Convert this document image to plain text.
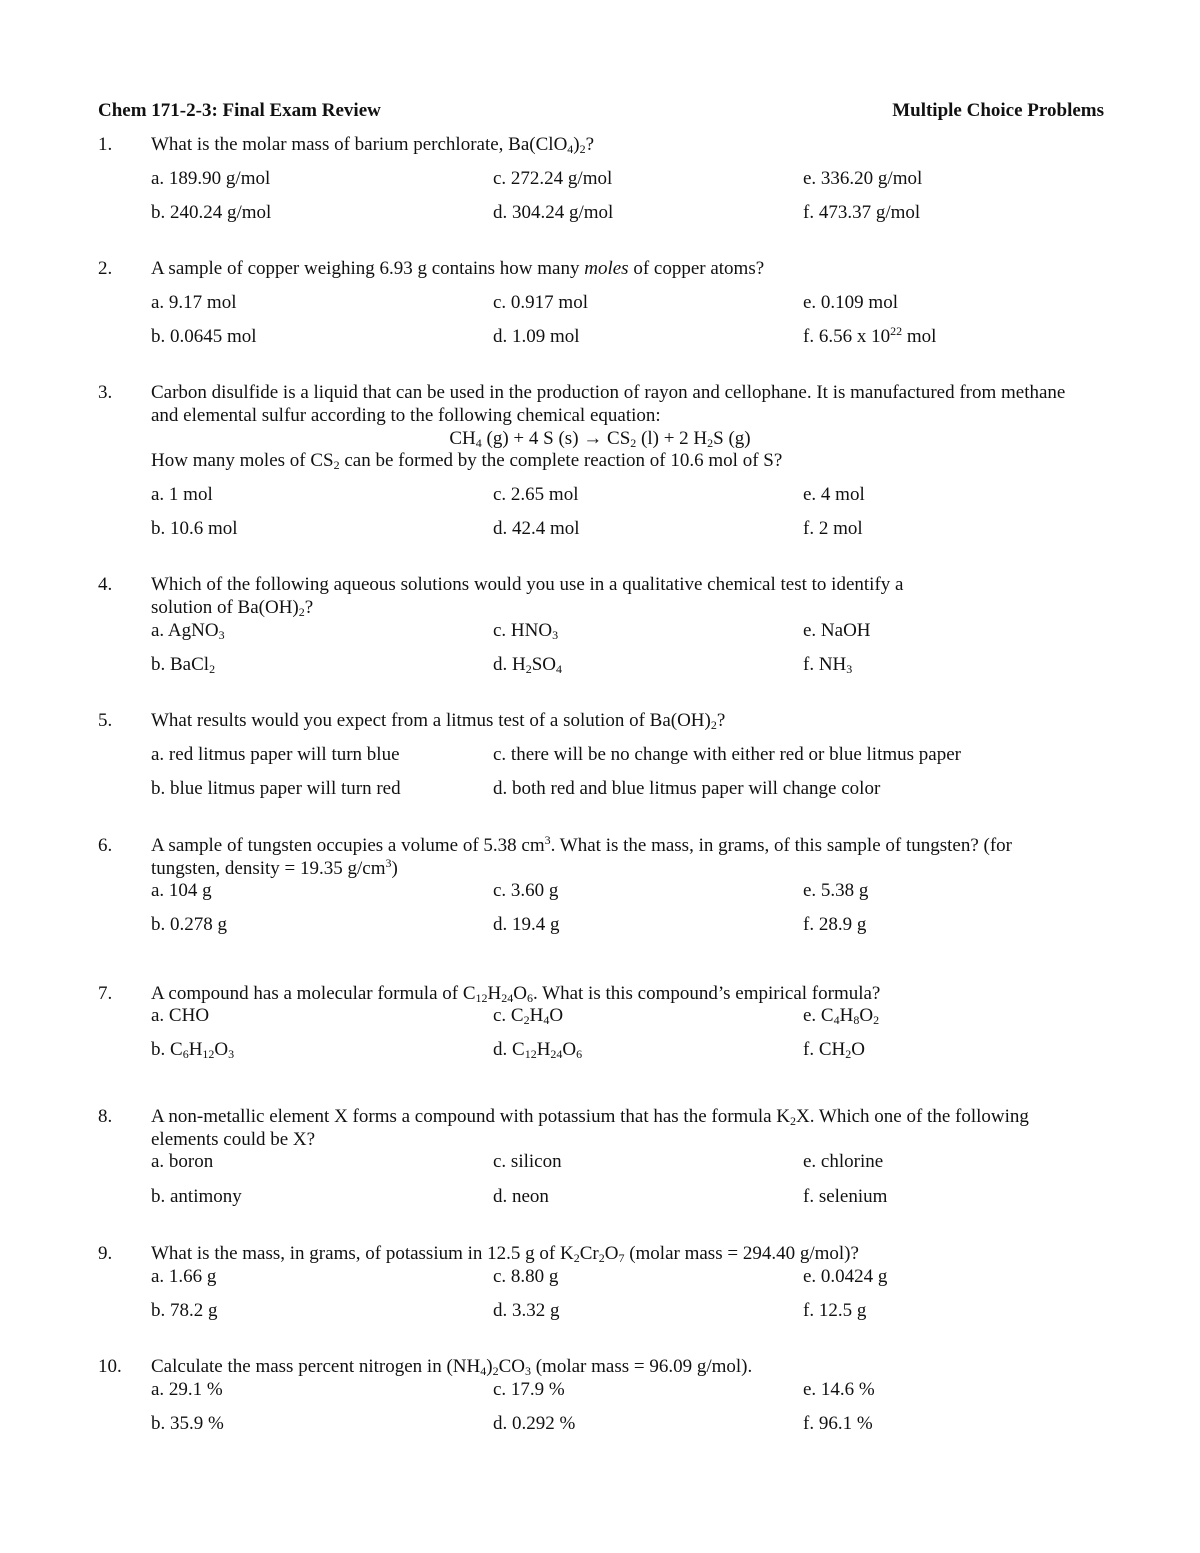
Chem 171-2-3: Final Exam Review	Multiple Choice Problems
1. What is the molar mass of barium perchlorate, $Ba(ClO_4)_2$?
a. 189.90 g/mol	c. 272.24 g/mol	e. 336.20 g/mol
b. 240.24 g/mol	d. 304.24 g/mol	f. 473.37 g/mol
2. A sample of copper weighing 6.93 g contains how many moles of copper atoms?
a. 9.17 mol	c. 0.917 mol	e. 0.109 mol
b. 0.0645 mol	d. 1.09 mol	f. 6.56 x $10^{22}$ mol
3. Carbon disulfide is a liquid that can be used in the production of rayon and cellophane. It is manufactured from methane
and elemental sulfur according to the following chemical equation:
$CH_4$ (g) + 4 S $(s) \to CS_2$ (l) + 2 $H_2S$ (g)
How many moles of $CS_2$ can be formed by the complete reaction of 10.6 mol of S?
a. 1 mol	c. 2.65 mol	e. 4 mol
b. 10.6 mol	d. 42.4 mol	f. 2 mol
4. Which of the following aqueous solutions would you use in a qualitative chemical test to identify a
solution of $Ba(OH)_2$?
a. AgNO$_3$	c. $HNO_3$	e. NaOH
b. BaCl$_2$	d. $H_2SO_4$	f. $NH_3$
5. What results would you expect from a litmus test of a solution of $Ba(OH)_2$?
a. red litmus paper will turn blue	c. there will be no change with either red or blue litmus paper
b. blue litmus paper will turn red	d. both red and blue litmus paper will change color
6. A sample of tungsten occupies a volume of 5.38 $cm^3$. What is the mass, in grams, of this sample of tungsten? (for
tungsten, density = 19.35 $g/cm^3$)
a. 104 g	c. 3.60 g	e. 5.38 g
b. 0.278 g	d. 19.4 g	f. 28.9 g
7. A compound has a molecular formula of $C_{12}H_{24}O_6$. What is this compound’s empirical formula?
a. CHO	c. $C_2H_4O$	e. $C_4H_8O_2$
b. $C_6H_{12}O_3$	d. $C_{12}H_{24}O_6$	f. $CH_2O$
8. A non-metallic element X forms a compound with potassium that has the formula $K_2X$. Which one of the following
elements could be X?
a. boron	c. silicon	e. chlorine
b. antimony	d. neon	f. selenium
9. What is the mass, in grams, of potassium in 12.5 g of $K_2Cr_2O_7$ (molar mass = 294.40 g/mol)?
a. 1.66 g	c. 8.80 g	e. 0.0424 g
b. 78.2 g	d. 3.32 g	f. 12.5 g
10. Calculate the mass percent nitrogen in $(NH_4)_2CO_3$ (molar mass = 96.09 g/mol).
a. 29.1 %	c. 17.9 %	e. 14.6 %
b. 35.9 %	d. 0.292 %	f. 96.1 %
